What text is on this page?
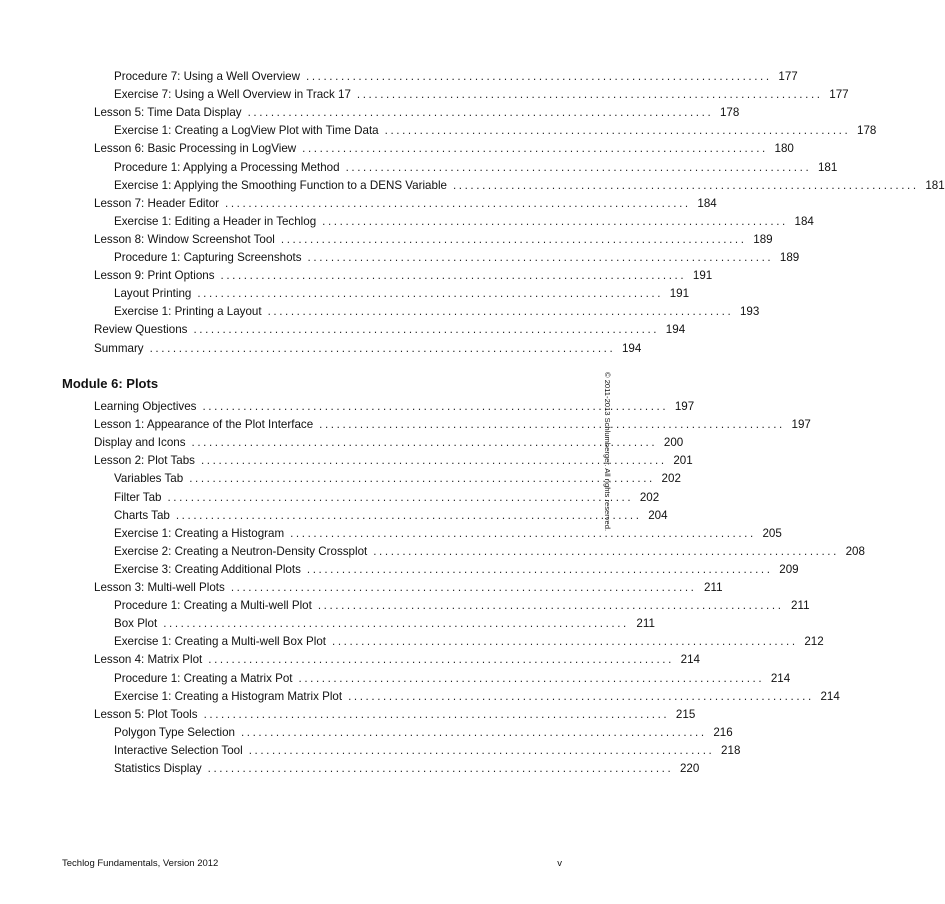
Procedure 7: Using a Well Overview ................................................................................ 177
Exercise 7: Using a Well Overview in Track 17 ................................................................................ 177
Lesson 5: Time Data Display ................................................................................ 178
Exercise 1: Creating a LogView Plot with Time Data ................................................................................ 178
Lesson 6: Basic Processing in LogView ................................................................................ 180
Procedure 1: Applying a Processing Method ................................................................................ 181
Exercise 1: Applying the Smoothing Function to a DENS Variable ................................................................................ 181
Lesson 7: Header Editor ................................................................................ 184
Exercise 1: Editing a Header in Techlog ................................................................................ 184
Lesson 8: Window Screenshot Tool ................................................................................ 189
Procedure 1: Capturing Screenshots ................................................................................ 189
Lesson 9: Print Options ................................................................................ 191
Layout Printing ................................................................................ 191
Exercise 1: Printing a Layout ................................................................................ 193
Review Questions ................................................................................ 194
Summary ................................................................................ 194
Module 6: Plots
Learning Objectives ................................................................................ 197
Lesson 1: Appearance of the Plot Interface ................................................................................ 197
Display and Icons ................................................................................ 200
Lesson 2: Plot Tabs ................................................................................ 201
Variables Tab ................................................................................ 202
Filter Tab ................................................................................ 202
Charts Tab ................................................................................ 204
Exercise 1: Creating a Histogram ................................................................................ 205
Exercise 2: Creating a Neutron-Density Crossplot ................................................................................ 208
Exercise 3: Creating Additional Plots ................................................................................ 209
Lesson 3: Multi-well Plots ................................................................................ 211
Procedure 1: Creating a Multi-well Plot ................................................................................ 211
Box Plot ................................................................................ 211
Exercise 1: Creating a Multi-well Box Plot ................................................................................ 212
Lesson 4: Matrix Plot ................................................................................ 214
Procedure 1: Creating a Matrix Pot ................................................................................ 214
Exercise 1: Creating a Histogram Matrix Plot ................................................................................ 214
Lesson 5: Plot Tools ................................................................................ 215
Polygon Type Selection ................................................................................ 216
Interactive Selection Tool ................................................................................ 218
Statistics Display ................................................................................ 220
© 2011-2013 Schlumberger. All rights reserved.
Techlog Fundamentals, Version 2012	v
